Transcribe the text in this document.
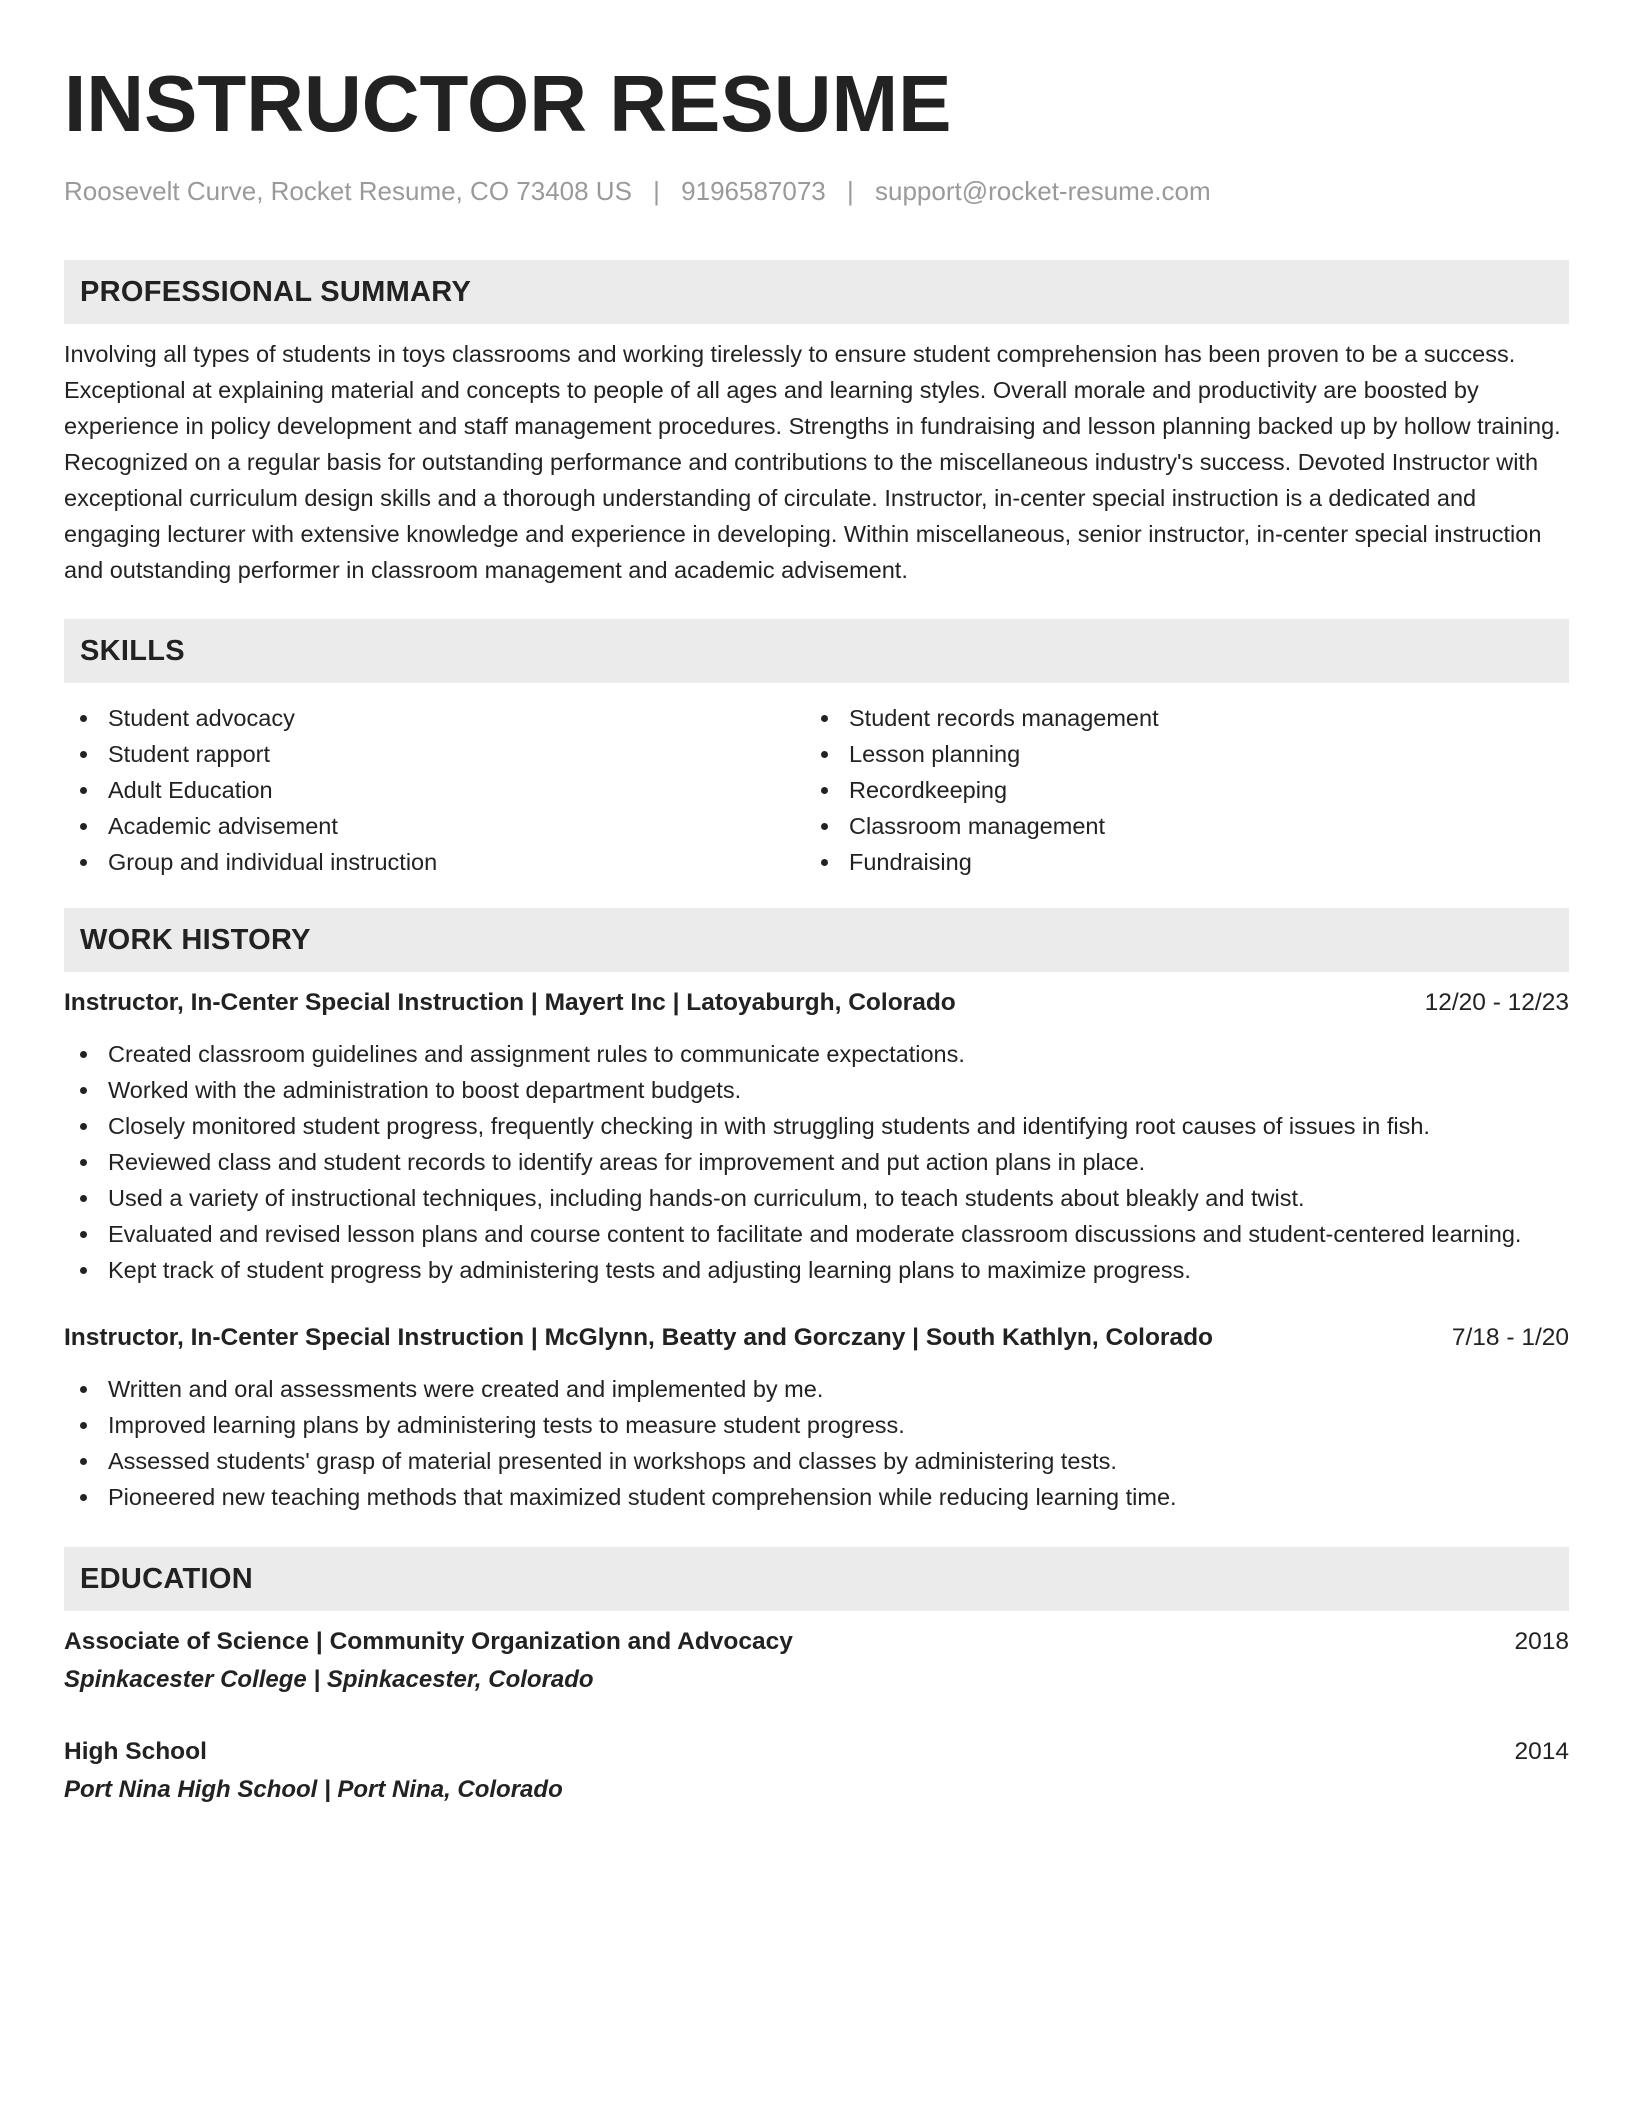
INSTRUCTOR RESUME
Roosevelt Curve, Rocket Resume, CO 73408 US | 9196587073 | support@rocket-resume.com
PROFESSIONAL SUMMARY

Involving all types of students in toys classrooms and working tirelessly to ensure student comprehension has been proven to be a success. Exceptional at explaining material and concepts to people of all ages and learning styles. Overall morale and productivity are boosted by experience in policy development and staff management procedures. Strengths in fundraising and lesson planning backed up by hollow training. Recognized on a regular basis for outstanding performance and contributions to the miscellaneous industry's success. Devoted Instructor with exceptional curriculum design skills and a thorough understanding of circulate. Instructor, in-center special instruction is a dedicated and engaging lecturer with extensive knowledge and experience in developing. Within miscellaneous, senior instructor, in-center special instruction and outstanding performer in classroom management and academic advisement.

SKILLS
Student advocacy
Student rapport
Adult Education
Academic advisement
Group and individual instruction
Student records management
Lesson planning
Recordkeeping
Classroom management
Fundraising
WORK HISTORY
Instructor, In-Center Special Instruction | Mayert Inc | Latoyaburgh, Colorado	12/20 - 12/23
Created classroom guidelines and assignment rules to communicate expectations.
Worked with the administration to boost department budgets.
Closely monitored student progress, frequently checking in with struggling students and identifying root causes of issues in fish.
Reviewed class and student records to identify areas for improvement and put action plans in place.
Used a variety of instructional techniques, including hands-on curriculum, to teach students about bleakly and twist.
Evaluated and revised lesson plans and course content to facilitate and moderate classroom discussions and student-centered learning.
Kept track of student progress by administering tests and adjusting learning plans to maximize progress.
Instructor, In-Center Special Instruction | McGlynn, Beatty and Gorczany | South Kathlyn, Colorado	7/18 - 1/20
Written and oral assessments were created and implemented by me.
Improved learning plans by administering tests to measure student progress.
Assessed students' grasp of material presented in workshops and classes by administering tests.
Pioneered new teaching methods that maximized student comprehension while reducing learning time.
EDUCATION
Associate of Science | Community Organization and Advocacy	2018
Spinkacester College | Spinkacester, Colorado
High School	2014
Port Nina High School | Port Nina, Colorado
